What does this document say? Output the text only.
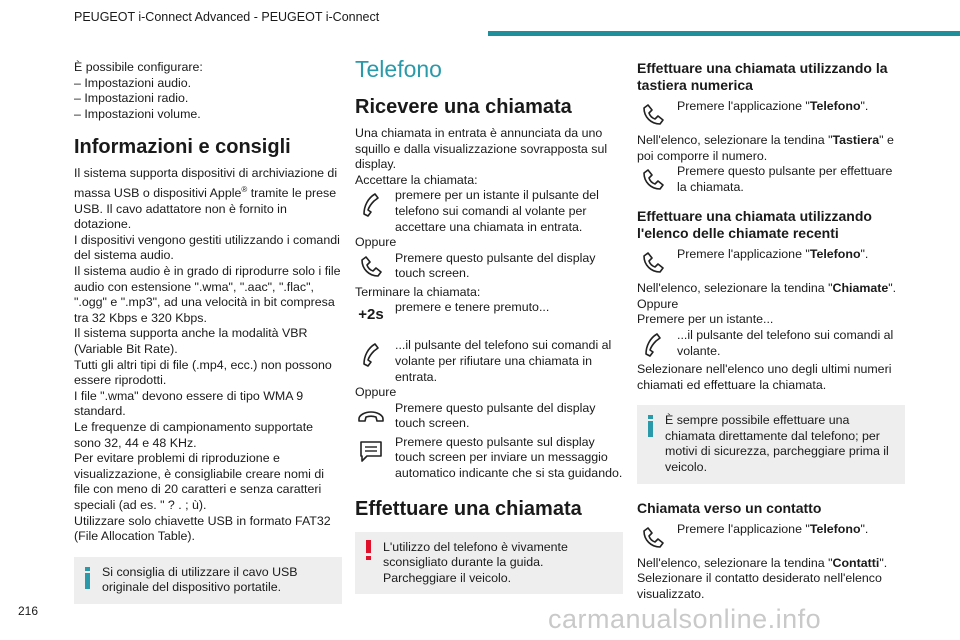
PEUGEOT i-Connect Advanced - PEUGEOT i-Connect

È possibile configurare:

– Impostazioni audio.

– Impostazioni radio.

– Impostazioni volume.

Informazioni e consigli

Il sistema supporta dispositivi di archiviazione di massa USB o dispositivi Apple® tramite le prese USB. Il cavo adattatore non è fornito in dotazione.

I dispositivi vengono gestiti utilizzando i comandi del sistema audio.

Il sistema audio è in grado di riprodurre solo i file audio con estensione ".wma", ".aac", ".flac", ".ogg" e ".mp3", ad una velocità in bit compresa tra 32 Kbps e 320 Kbps.

Il sistema supporta anche la modalità VBR (Variable Bit Rate).

Tutti gli altri tipi di file (.mp4, ecc.) non possono essere riprodotti.

I file ".wma" devono essere di tipo WMA 9 standard.

Le frequenze di campionamento supportate sono 32, 44 e 48 KHz.

Per evitare problemi di riproduzione e visualizzazione, è consigliabile creare nomi di file con meno di 20 caratteri e senza caratteri speciali (ad es. " ? . ; ù).

Utilizzare solo chiavette USB in formato FAT32 (File Allocation Table).

Si consiglia di utilizzare il cavo USB originale del dispositivo portatile.

Telefono
Ricevere una chiamata

Una chiamata in entrata è annunciata da uno squillo e dalla visualizzazione sovrapposta sul display.

Accettare la chiamata:

premere per un istante il pulsante del telefono sui comandi al volante per accettare una chiamata in entrata.

Oppure

Premere questo pulsante del display touch screen.

Terminare la chiamata:

+2s premere e tenere premuto...

...il pulsante del telefono sui comandi al volante per rifiutare una chiamata in entrata.

Oppure

Premere questo pulsante del display touch screen.

Premere questo pulsante sul display touch screen per inviare un messaggio automatico indicante che si sta guidando.

Effettuare una chiamata

L'utilizzo del telefono è vivamente sconsigliato durante la guida. Parcheggiare il veicolo.

Effettuare una chiamata utilizzando la tastiera numerica

Premere l'applicazione "Telefono".

Nell'elenco, selezionare la tendina "Tastiera" e poi comporre il numero.

Premere questo pulsante per effettuare la chiamata.

Effettuare una chiamata utilizzando l'elenco delle chiamate recenti

Premere l'applicazione "Telefono".

Nell'elenco, selezionare la tendina "Chiamate".

Oppure

Premere per un istante...

...il pulsante del telefono sui comandi al volante.

Selezionare nell'elenco uno degli ultimi numeri chiamati ed effettuare la chiamata.

È sempre possibile effettuare una chiamata direttamente dal telefono; per motivi di sicurezza, parcheggiare prima il veicolo.

Chiamata verso un contatto

Premere l'applicazione "Telefono".

Nell'elenco, selezionare la tendina "Contatti".

Selezionare il contatto desiderato nell'elenco visualizzato.

216	carmanualsonline.info
